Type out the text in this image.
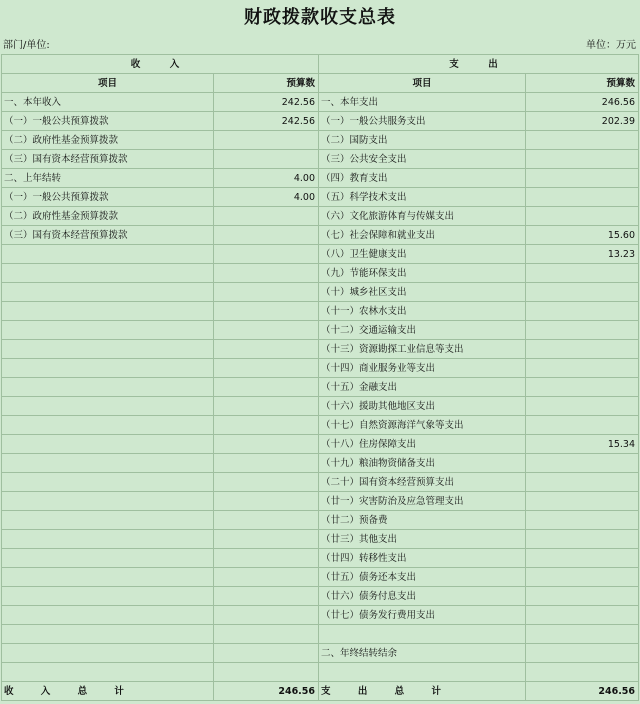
财政拨款收支总表
部门/单位:	单位：万元
收　入		支　出	
项目	预算数	项目	预算数
一、本年收入	242.56	一、本年支出	246.56
（一）一般公共预算拨款	242.56	（一）一般公共服务支出	202.39
（二）政府性基金预算拨款		（二）国防支出	
（三）国有资本经营预算拨款		（三）公共安全支出	
二、上年结转	4.00	（四）教育支出	
（一）一般公共预算拨款	4.00	（五）科学技术支出	
（二）政府性基金预算拨款		（六）文化旅游体育与传媒支出	
（三）国有资本经营预算拨款		（七）社会保障和就业支出	15.60
		（八）卫生健康支出	13.23
		（九）节能环保支出	
		（十）城乡社区支出	
		（十一）农林水支出	
		（十二）交通运输支出	
		（十三）资源勘探工业信息等支出	
		（十四）商业服务业等支出	
		（十五）金融支出	
		（十六）援助其他地区支出	
		（十七）自然资源海洋气象等支出	
		（十八）住房保障支出	15.34
		（十九）粮油物资储备支出	
		（二十）国有资本经营预算支出	
		（廿一）灾害防治及应急管理支出	
		（廿二）预备费	
		（廿三）其他支出	
		（廿四）转移性支出	
		（廿五）债务还本支出	
		（廿六）债务付息支出	
		（廿七）债务发行费用支出	

		二、年终结转结余	

收 入 总 计	246.56	支 出 总 计	246.56
